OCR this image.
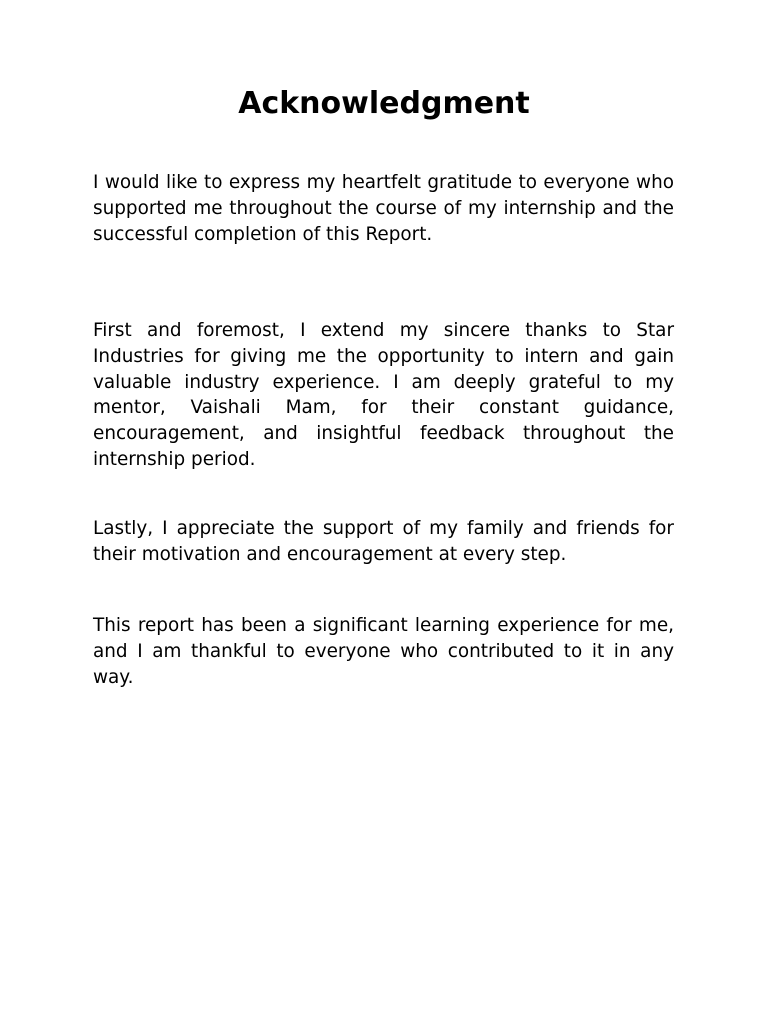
Acknowledgment

I would like to express my heartfelt gratitude to everyone who supported me throughout the course of my internship and the successful completion of this Report.

First and foremost, I extend my sincere thanks to Star Industries for giving me the opportunity to intern and gain valuable industry experience. I am deeply grateful to my mentor, Vaishali Mam, for their constant guidance, encouragement, and insightful feedback throughout the internship period.

Lastly, I appreciate the support of my family and friends for their motivation and encouragement at every step.

This report has been a significant learning experience for me, and I am thankful to everyone who contributed to it in any way.
